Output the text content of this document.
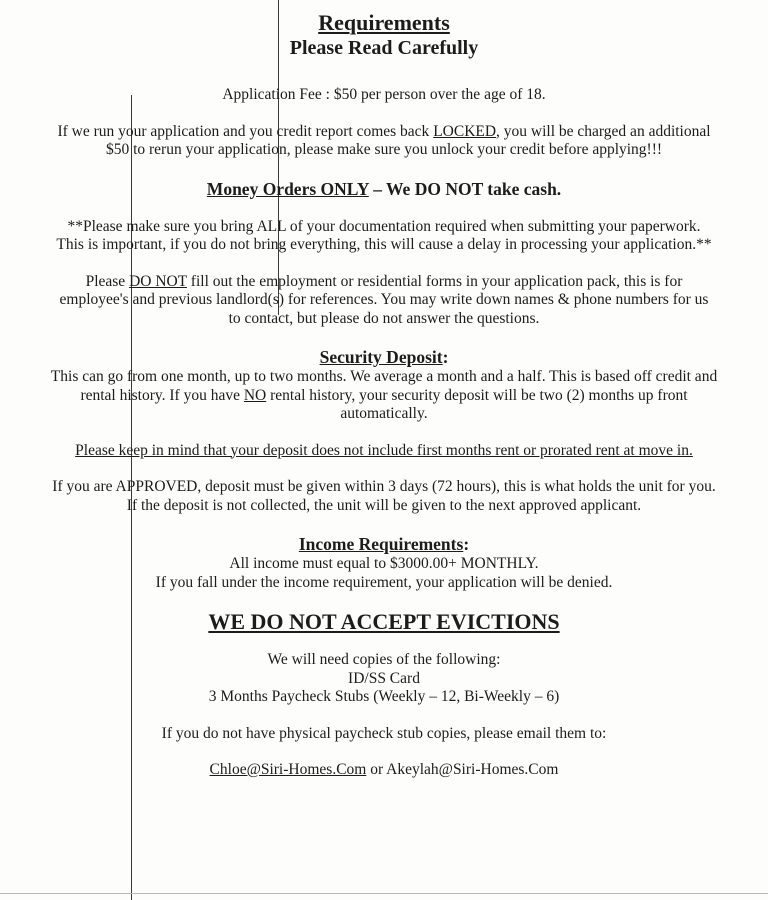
Requirements

Please Read Carefully

Application Fee : $50 per person over the age of 18.

If we run your application and you credit report comes back LOCKED, you will be charged an additional $50 to rerun your application, please make sure you unlock your credit before applying!!!

Money Orders ONLY – We DO NOT take cash.

**Please make sure you bring ALL of your documentation required when submitting your paperwork. This is important, if you do not bring everything, this will cause a delay in processing your application.**

Please DO NOT fill out the employment or residential forms in your application pack, this is for employee's and previous landlord(s) for references. You may write down names & phone numbers for us to contact, but please do not answer the questions.

Security Deposit:

This can go from one month, up to two months. We average a month and a half. This is based off credit and rental history. If you have NO rental history, your security deposit will be two (2) months up front automatically.

Please keep in mind that your deposit does not include first months rent or prorated rent at move in.

If you are APPROVED, deposit must be given within 3 days (72 hours), this is what holds the unit for you. If the deposit is not collected, the unit will be given to the next approved applicant.

Income Requirements:

All income must equal to $3000.00+ MONTHLY.

If you fall under the income requirement, your application will be denied.

WE DO NOT ACCEPT EVICTIONS

We will need copies of the following:

ID/SS Card

3 Months Paycheck Stubs (Weekly – 12, Bi-Weekly – 6)

If you do not have physical paycheck stub copies, please email them to:

Chloe@Siri-Homes.Com or Akeylah@Siri-Homes.Com
